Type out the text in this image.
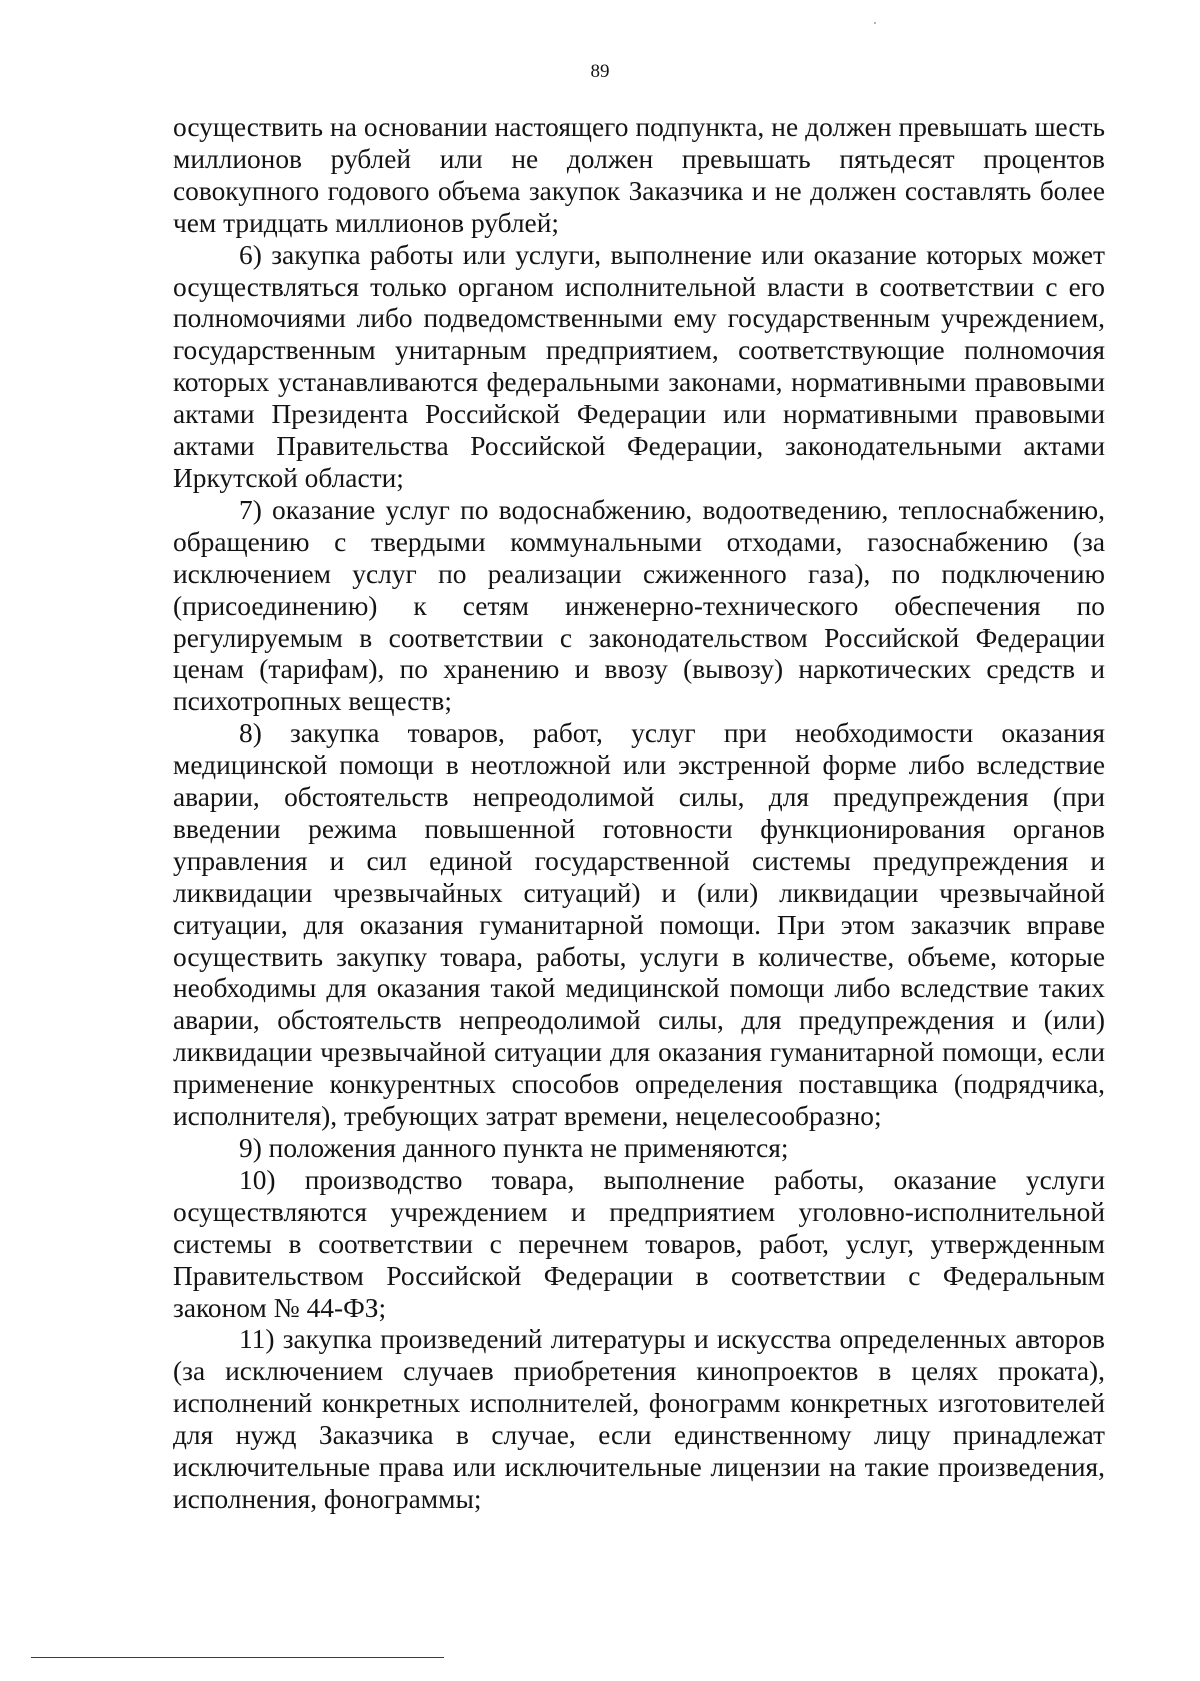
89

осуществить на основании настоящего подпункта, не должен превышать шесть миллионов рублей или не должен превышать пятьдесят процентов совокупного годового объема закупок Заказчика и не должен составлять более чем тридцать миллионов рублей;

6) закупка работы или услуги, выполнение или оказание которых может осуществляться только органом исполнительной власти в соответствии с его полномочиями либо подведомственными ему государственным учреждением, государственным унитарным предприятием, соответствующие полномочия которых устанавливаются федеральными законами, нормативными правовыми актами Президента Российской Федерации или нормативными правовыми актами Правительства Российской Федерации, законодательными актами Иркутской области;

7) оказание услуг по водоснабжению, водоотведению, теплоснабжению, обращению с твердыми коммунальными отходами, газоснабжению (за исключением услуг по реализации сжиженного газа), по подключению (присоединению) к сетям инженерно-технического обеспечения по регулируемым в соответствии с законодательством Российской Федерации ценам (тарифам), по хранению и ввозу (вывозу) наркотических средств и психотропных веществ;

8) закупка товаров, работ, услуг при необходимости оказания медицинской помощи в неотложной или экстренной форме либо вследствие аварии, обстоятельств непреодолимой силы, для предупреждения (при введении режима повышенной готовности функционирования органов управления и сил единой государственной системы предупреждения и ликвидации чрезвычайных ситуаций) и (или) ликвидации чрезвычайной ситуации, для оказания гуманитарной помощи. При этом заказчик вправе осуществить закупку товара, работы, услуги в количестве, объеме, которые необходимы для оказания такой медицинской помощи либо вследствие таких аварии, обстоятельств непреодолимой силы, для предупреждения и (или) ликвидации чрезвычайной ситуации для оказания гуманитарной помощи, если применение конкурентных способов определения поставщика (подрядчика, исполнителя), требующих затрат времени, нецелесообразно;

9) положения данного пункта не применяются;

10) производство товара, выполнение работы, оказание услуги осуществляются учреждением и предприятием уголовно-исполнительной системы в соответствии с перечнем товаров, работ, услуг, утвержденным Правительством Российской Федерации в соответствии с Федеральным законом № 44-ФЗ;

11) закупка произведений литературы и искусства определенных авторов (за исключением случаев приобретения кинопроектов в целях проката), исполнений конкретных исполнителей, фонограмм конкретных изготовителей для нужд Заказчика в случае, если единственному лицу принадлежат исключительные права или исключительные лицензии на такие произведения, исполнения, фонограммы;
